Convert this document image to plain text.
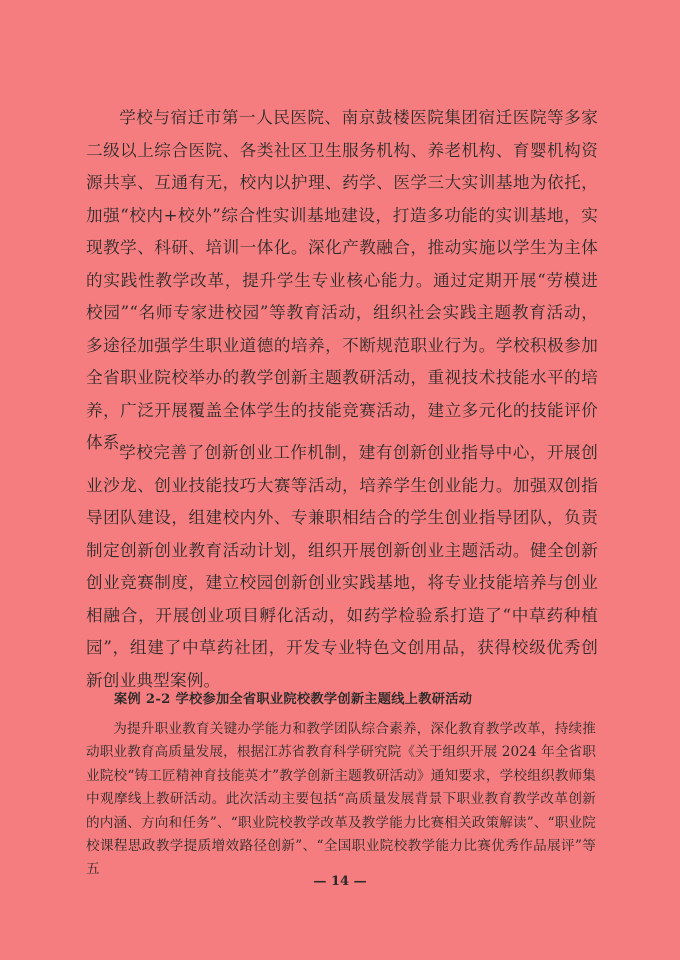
学校与宿迁市第一人民医院、南京鼓楼医院集团宿迁医院等多家二级以上综合医院、各类社区卫生服务机构、养老机构、育婴机构资源共享、互通有无，校内以护理、药学、医学三大实训基地为依托，加强“校内+校外”综合性实训基地建设，打造多功能的实训基地，实现教学、科研、培训一体化。深化产教融合，推动实施以学生为主体的实践性教学改革，提升学生专业核心能力。通过定期开展“劳模进校园”“名师专家进校园”等教育活动，组织社会实践主题教育活动，多途径加强学生职业道德的培养，不断规范职业行为。学校积极参加全省职业院校举办的教学创新主题教研活动，重视技术技能水平的培养，广泛开展覆盖全体学生的技能竞赛活动，建立多元化的技能评价体系。

学校完善了创新创业工作机制，建有创新创业指导中心，开展创业沙龙、创业技能技巧大赛等活动，培养学生创业能力。加强双创指导团队建设，组建校内外、专兼职相结合的学生创业指导团队，负责制定创新创业教育活动计划，组织开展创新创业主题活动。健全创新创业竞赛制度，建立校园创新创业实践基地，将专业技能培养与创业相融合，开展创业项目孵化活动，如药学检验系打造了“中草药种植园”，组建了中草药社团，开发专业特色文创用品，获得校级优秀创新创业典型案例。

案例 2-2 学校参加全省职业院校教学创新主题线上教研活动

为提升职业教育关键办学能力和教学团队综合素养，深化教育教学改革，持续推动职业教育高质量发展，根据江苏省教育科学研究院《关于组织开展 2024 年全省职业院校“铸工匠精神育技能英才”教学创新主题教研活动》通知要求，学校组织教师集中观摩线上教研活动。此次活动主要包括“高质量发展背景下职业教育教学改革创新的内涵、方向和任务”、“职业院校教学改革及教学能力比赛相关政策解读”、“职业院校课程思政教学提质增效路径创新”、“全国职业院校教学能力比赛优秀作品展评”等五

— 14 —
